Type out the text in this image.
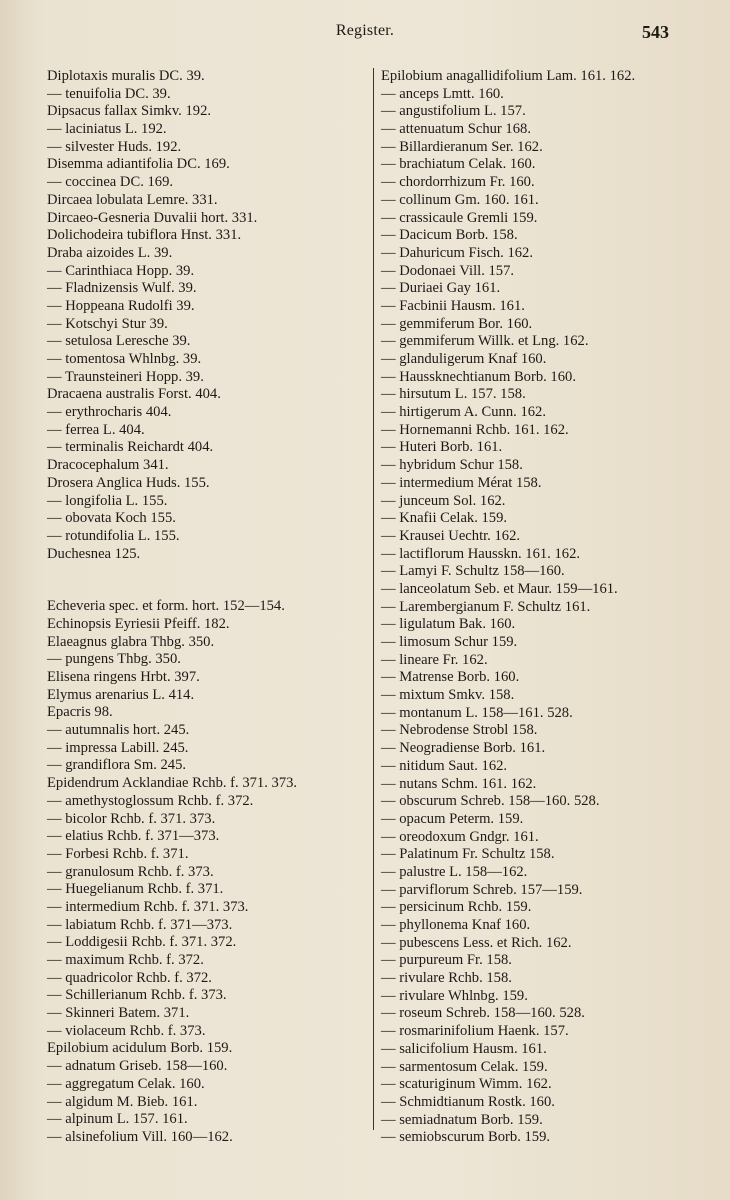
Register.	543
Diplotaxis muralis DC. 39.
— tenuifolia DC. 39.
Dipsacus fallax Simkv. 192.
— laciniatus L. 192.
— silvester Huds. 192.
Disemma adiantifolia DC. 169.
— coccinea DC. 169.
Dircaea lobulata Lemre. 331.
Dircaeo-Gesneria Duvalii hort. 331.
Dolichodeira tubiflora Hnst. 331.
Draba aizoides L. 39.
— Carinthiaca Hopp. 39.
— Fladnizensis Wulf. 39.
— Hoppeana Rudolfi 39.
— Kotschyi Stur 39.
— setulosa Leresche 39.
— tomentosa Whlnbg. 39.
— Traunsteineri Hopp. 39.
Dracaena australis Forst. 404.
— erythrocharis 404.
— ferrea L. 404.
— terminalis Reichardt 404.
Dracocephalum 341.
Drosera Anglica Huds. 155.
— longifolia L. 155.
— obovata Koch 155.
— rotundifolia L. 155.
Duchesnea 125.
Echeveria spec. et form. hort. 152—154.
Echinopsis Eyriesii Pfeiff. 182.
Elaeagnus glabra Thbg. 350.
— pungens Thbg. 350.
Elisena ringens Hrbt. 397.
Elymus arenarius L. 414.
Epacris 98.
— autumnalis hort. 245.
— impressa Labill. 245.
— grandiflora Sm. 245.
Epidendrum Acklandiae Rchb. f. 371. 373.
— amethystoglossum Rchb. f. 372.
— bicolor Rchb. f. 371. 373.
— elatius Rchb. f. 371—373.
— Forbesi Rchb. f. 371.
— granulosum Rchb. f. 373.
— Huegelianum Rchb. f. 371.
— intermedium Rchb. f. 371. 373.
— labiatum Rchb. f. 371—373.
— Loddigesii Rchb. f. 371. 372.
— maximum Rchb. f. 372.
— quadricolor Rchb. f. 372.
— Schillerianum Rchb. f. 373.
— Skinneri Batem. 371.
— violaceum Rchb. f. 373.
Epilobium acidulum Borb. 159.
— adnatum Griseb. 158—160.
— aggregatum Celak. 160.
— algidum M. Bieb. 161.
— alpinum L. 157. 161.
— alsinefolium Vill. 160—162.
Epilobium anagallidifolium Lam. 161. 162.
— anceps Lmtt. 160.
— angustifolium L. 157.
— attenuatum Schur 168.
— Billardieranum Ser. 162.
— brachiatum Celak. 160.
— chordorrhizum Fr. 160.
— collinum Gm. 160. 161.
— crassicaule Gremli 159.
— Dacicum Borb. 158.
— Dahuricum Fisch. 162.
— Dodonaei Vill. 157.
— Duriaei Gay 161.
— Facbinii Hausm. 161.
— gemmiferum Bor. 160.
— gemmiferum Willk. et Lng. 162.
— glanduligerum Knaf 160.
— Haussknechtianum Borb. 160.
— hirsutum L. 157. 158.
— hirtigerum A. Cunn. 162.
— Hornemanni Rchb. 161. 162.
— Huteri Borb. 161.
— hybridum Schur 158.
— intermedium Mérat 158.
— junceum Sol. 162.
— Knafii Celak. 159.
— Krausei Uechtr. 162.
— lactiflorum Hausskn. 161. 162.
— Lamyi F. Schultz 158—160.
— lanceolatum Seb. et Maur. 159—161.
— Larembergianum F. Schultz 161.
— ligulatum Bak. 160.
— limosum Schur 159.
— lineare Fr. 162.
— Matrense Borb. 160.
— mixtum Smkv. 158.
— montanum L. 158—161. 528.
— Nebrodense Strobl 158.
— Neogradiense Borb. 161.
— nitidum Saut. 162.
— nutans Schm. 161. 162.
— obscurum Schreb. 158—160. 528.
— opacum Peterm. 159.
— oreodoxum Gndgr. 161.
— Palatinum Fr. Schultz 158.
— palustre L. 158—162.
— parviflorum Schreb. 157—159.
— persicinum Rchb. 159.
— phyllonema Knaf 160.
— pubescens Less. et Rich. 162.
— purpureum Fr. 158.
— rivulare Rchb. 158.
— rivulare Whlnbg. 159.
— roseum Schreb. 158—160. 528.
— rosmarinifolium Haenk. 157.
— salicifolium Hausm. 161.
— sarmentosum Celak. 159.
— scaturiginum Wimm. 162.
— Schmidtianum Rostk. 160.
— semiadnatum Borb. 159.
— semiobscurum Borb. 159.
